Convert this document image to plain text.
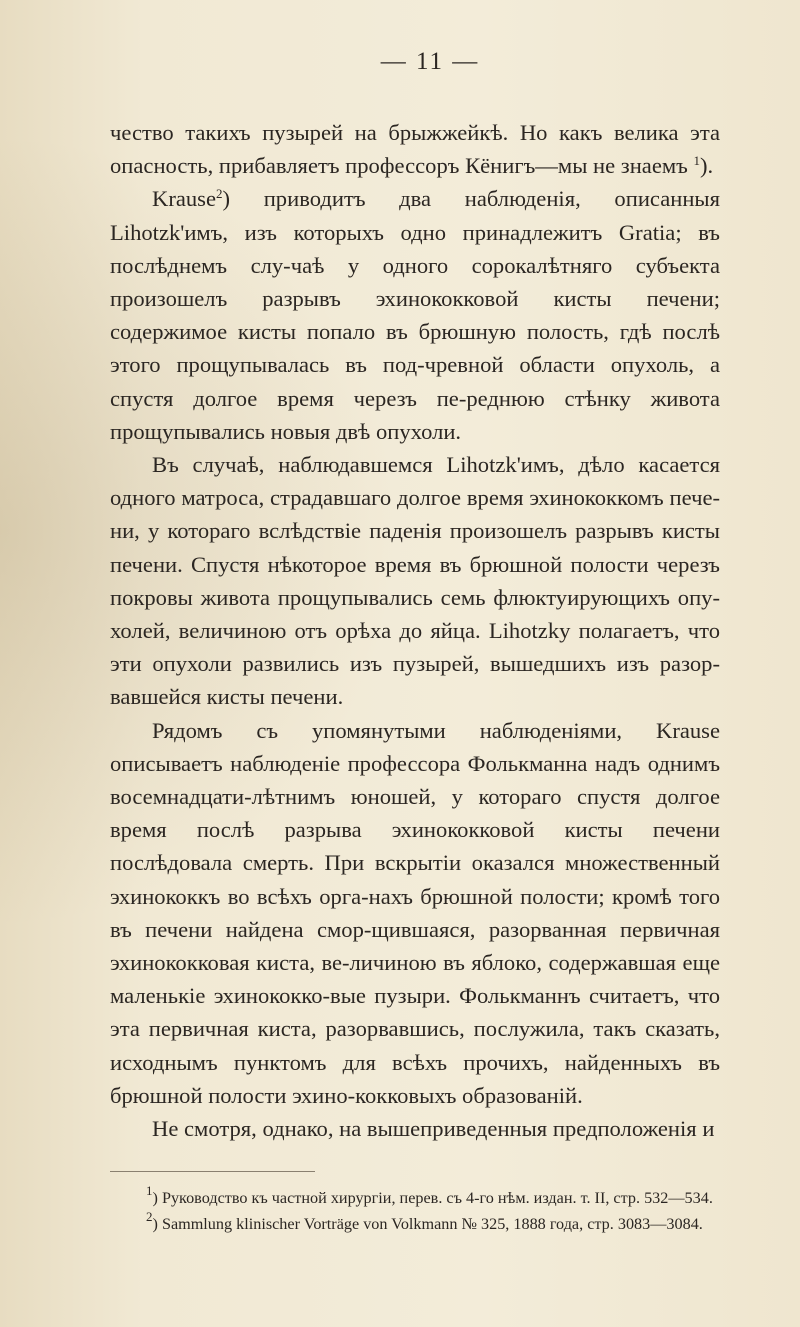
— 11 —

чество такихъ пузырей на брыжжейкѣ. Но какъ велика эта опасность, прибавляетъ профессоръ Кёнигъ—мы не знаемъ $^1$).

Krause$^2$) приводитъ два наблюденія, описанныя Lihotzk'имъ, изъ которыхъ одно принадлежитъ Gratia; въ послѣднемъ слу-чаѣ у одного сорокалѣтняго субъекта произошелъ разрывъ эхинококковой кисты печени; содержимое кисты попало въ брюшную полость, гдѣ послѣ этого прощупывалась въ под-чревной области опухоль, а спустя долгое время черезъ пе-реднюю стѣнку живота прощупывались новыя двѣ опухоли.

Въ случаѣ, наблюдавшемся Lihotzk'имъ, дѣло касается одного матроса, страдавшаго долгое время эхинококкомъ пече-ни, у котораго вслѣдствіе паденія произошелъ разрывъ кисты печени. Спустя нѣкоторое время въ брюшной полости черезъ покровы живота прощупывались семь флюктуирующихъ опу-холей, величиною отъ орѣха до яйца. Lihotzky полагаетъ, что эти опухоли развились изъ пузырей, вышедшихъ изъ разор-вавшейся кисты печени.

Рядомъ съ упомянутыми наблюденіями, Krause описываетъ наблюденіе профессора Фолькманна надъ однимъ восемнадцати-лѣтнимъ юношей, у котораго спустя долгое время послѣ разрыва эхинококковой кисты печени послѣдовала смерть. При вскрытіи оказался множественный эхинококкъ во всѣхъ орга-нахъ брюшной полости; кромѣ того въ печени найдена смор-щившаяся, разорванная первичная эхинококковая киста, ве-личиною въ яблоко, содержавшая еще маленькіе эхинококко-вые пузыри. Фолькманнъ считаетъ, что эта первичная киста, разорвавшись, послужила, такъ сказать, исходнымъ пунктомъ для всѣхъ прочихъ, найденныхъ въ брюшной полости эхино-кокковыхъ образованій.

Не смотря, однако, на вышеприведенныя предположенія и

$^1$) Руководство къ частной хирургіи, перев. съ 4-го нѣм. издан. т. II, стр. 532—534.

$^2$) Sammlung klinischer Vorträge von Volkmann № 325, 1888 года, стр. 3083—3084.
